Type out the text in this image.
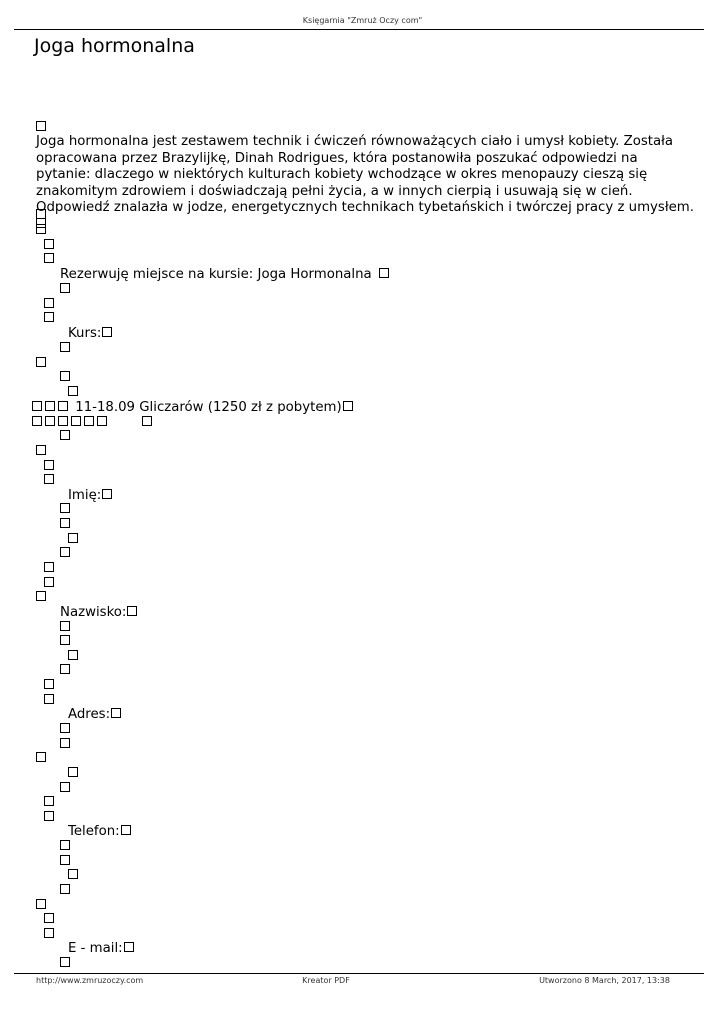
Księgarnia "Zmruż Oczy com"
Joga hormonalna

Joga hormonalna jest zestawem technik i ćwiczeń równoważących ciało i umysł kobiety. Została opracowana przez Brazylijkę, Dinah Rodrigues, która postanowiła poszukać odpowiedzi na pytanie: dlaczego w niektórych kulturach kobiety wchodzące w okres menopauzy cieszą się znakomitym zdrowiem i doświadczają pełni życia, a w innych cierpią i usuwają się w cień. Odpowiedź znalazła w jodze, energetycznych technikach tybetańskich i twórczej pracy z umysłem.

Rezerwuję miejsce na kursie: Joga Hormonalna
Kurs:
11-18.09 Gliczarów (1250 zł z pobytem)

Imię:
Nazwisko:
Adres:
Telefon:
E - mail:
http://www.zmruzoczy.com	Kreator PDF	Utworzono 8 March, 2017, 13:38
